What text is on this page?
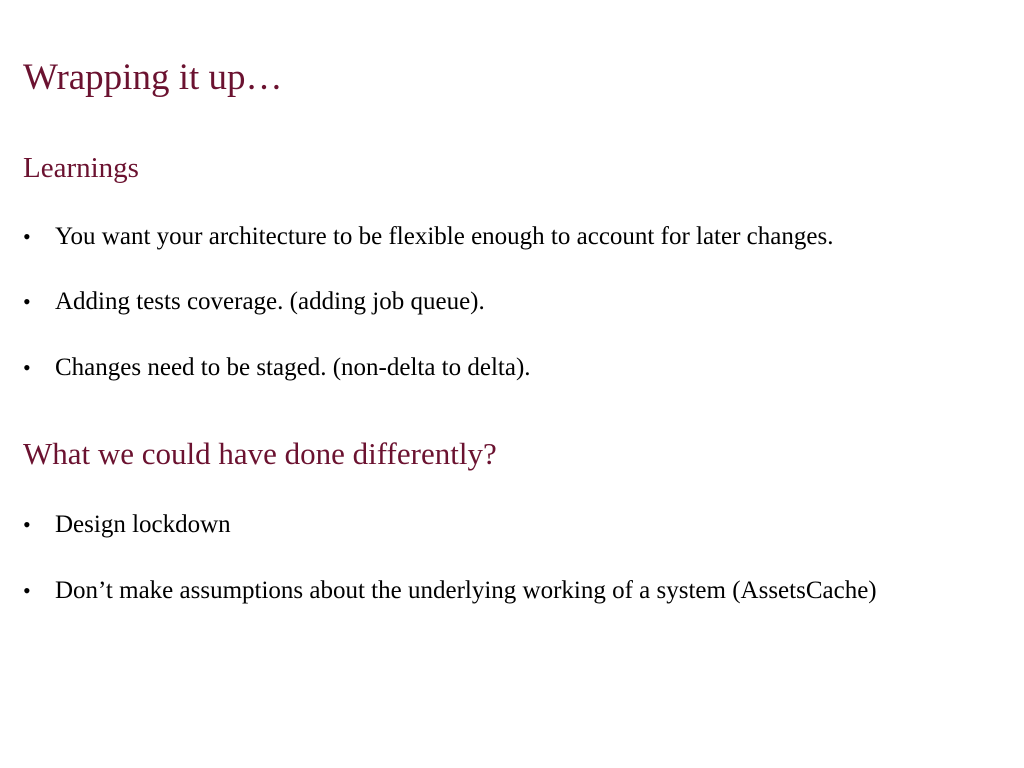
Wrapping it up…
Learnings
• You want your architecture to be flexible enough to account for later changes.
• Adding tests coverage. (adding job queue).
• Changes need to be staged. (non-delta to delta).
What we could have done differently?
• Design lockdown
• Don’t make assumptions about the underlying working of a system (AssetsCache)
